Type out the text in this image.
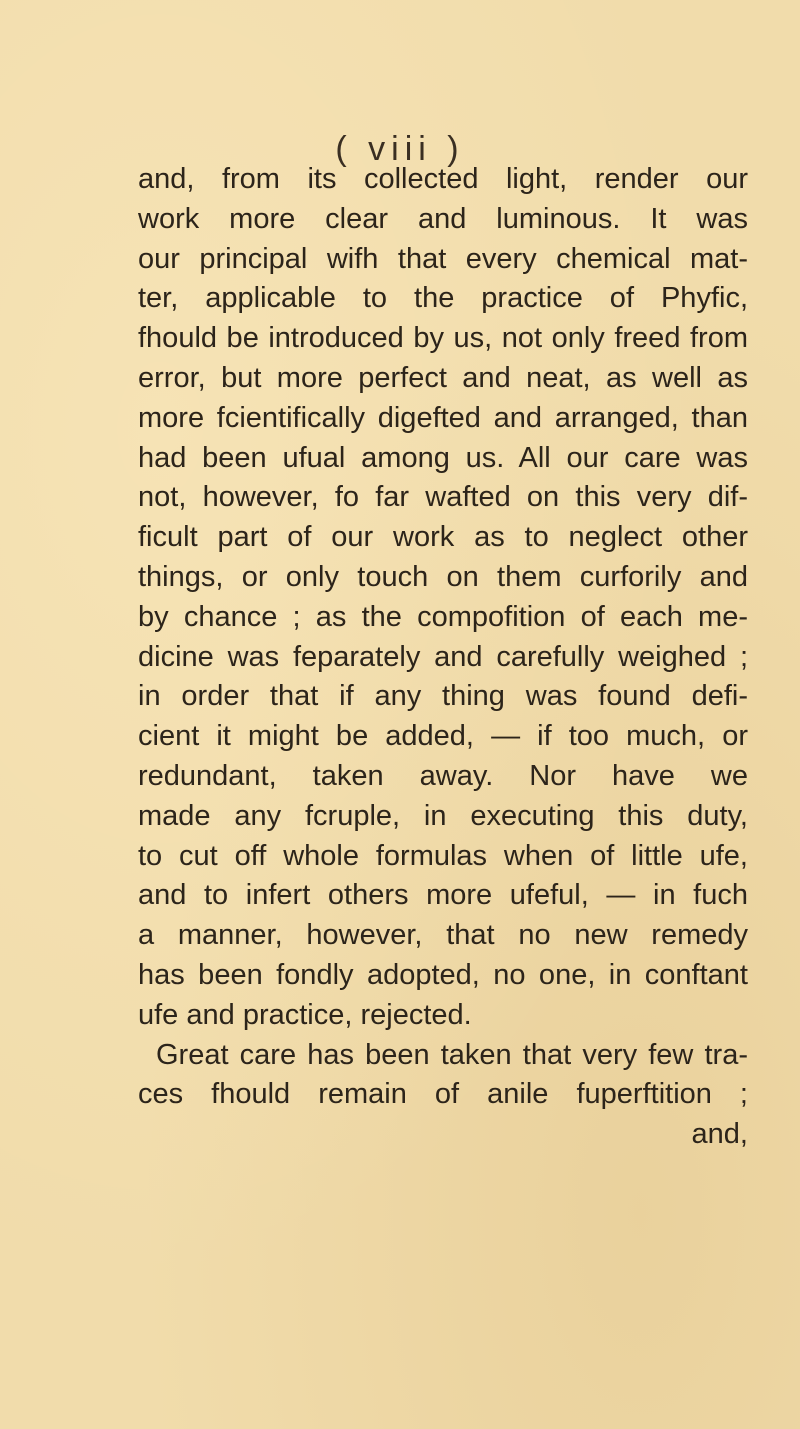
( viii )
and, from its collected light, render our
work more clear and luminous. It was
our principal wifh that every chemical mat-
ter, applicable to the practice of Phyfic,
fhould be introduced by us, not only freed from
error, but more perfect and neat, as well as
more fcientifically digefted and arranged, than
had been ufual among us. All our care was
not, however, fo far wafted on this very dif-
ficult part of our work as to neglect other
things, or only touch on them curforily and
by chance ; as the compofition of each me-
dicine was feparately and carefully weighed ;
in order that if any thing was found defi-
cient it might be added, — if too much, or
redundant, taken away. Nor have we
made any fcruple, in executing this duty,
to cut off whole formulas when of little ufe,
and to infert others more ufeful, — in fuch
a manner, however, that no new remedy
has been fondly adopted, no one, in conftant
ufe and practice, rejected.
Great care has been taken that very few tra-
ces fhould remain of anile fuperftition ;
and,
